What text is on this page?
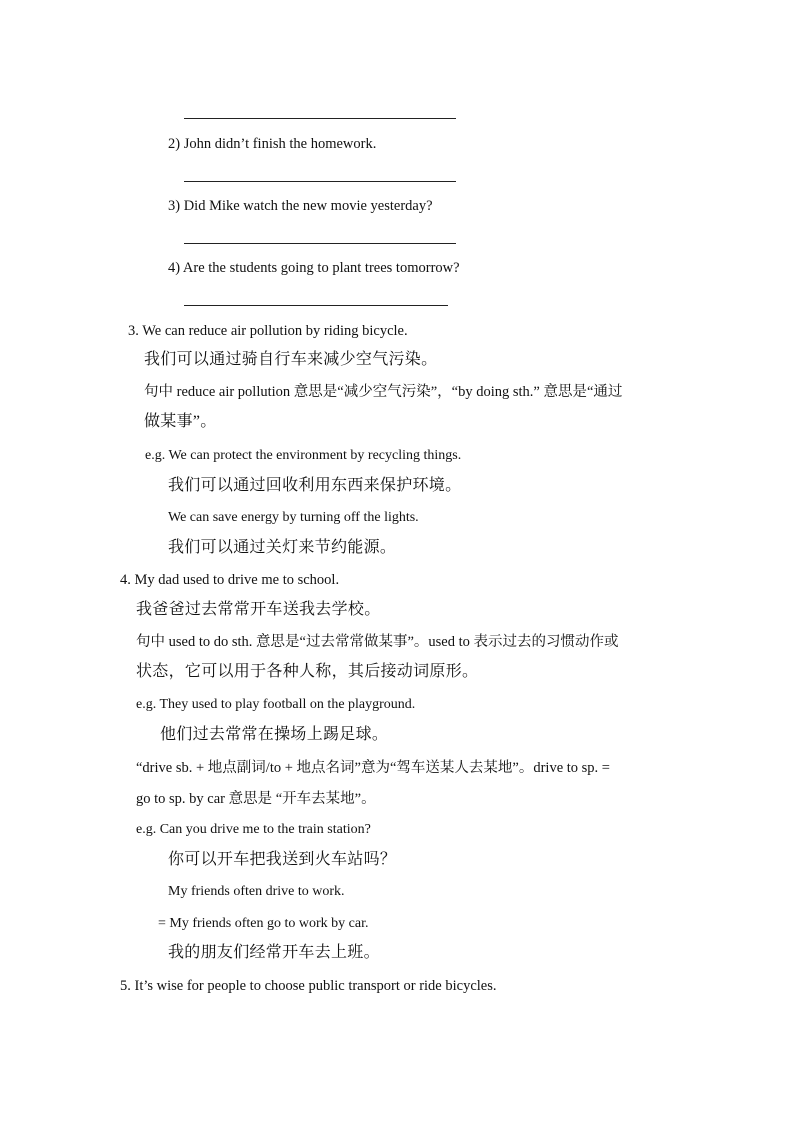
2) John didn’t finish the homework.
3) Did Mike watch the new movie yesterday?
4) Are the students going to plant trees tomorrow?
3. We can reduce air pollution by riding bicycle.
我们可以通过骑自行车来减少空气污染。
句中 reduce air pollution 意思是“减少空气污染”，“by doing sth.” 意思是“通过
做某事”。
e.g. We can protect the environment by recycling things.
我们可以通过回收利用东西来保护环境。
We can save energy by turning off the lights.
我们可以通过关灯来节约能源。
4. My dad used to drive me to school.
我爸爸过去常常开车送我去学校。
句中 used to do sth. 意思是“过去常常做某事”。used to 表示过去的习惯动作或
状态，它可以用于各种人称，其后接动词原形。
e.g. They used to play football on the playground.
他们过去常常在操场上踢足球。
“drive sb. + 地点副词/to + 地点名词”意为“驾车送某人去某地”。drive to sp. =
go to sp. by car 意思是 “开车去某地”。
e.g. Can you drive me to the train station?
你可以开车把我送到火车站吗？
My friends often drive to work.
= My friends often go to work by car.
我的朋友们经常开车去上班。
5. It’s wise for people to choose public transport or ride bicycles.
